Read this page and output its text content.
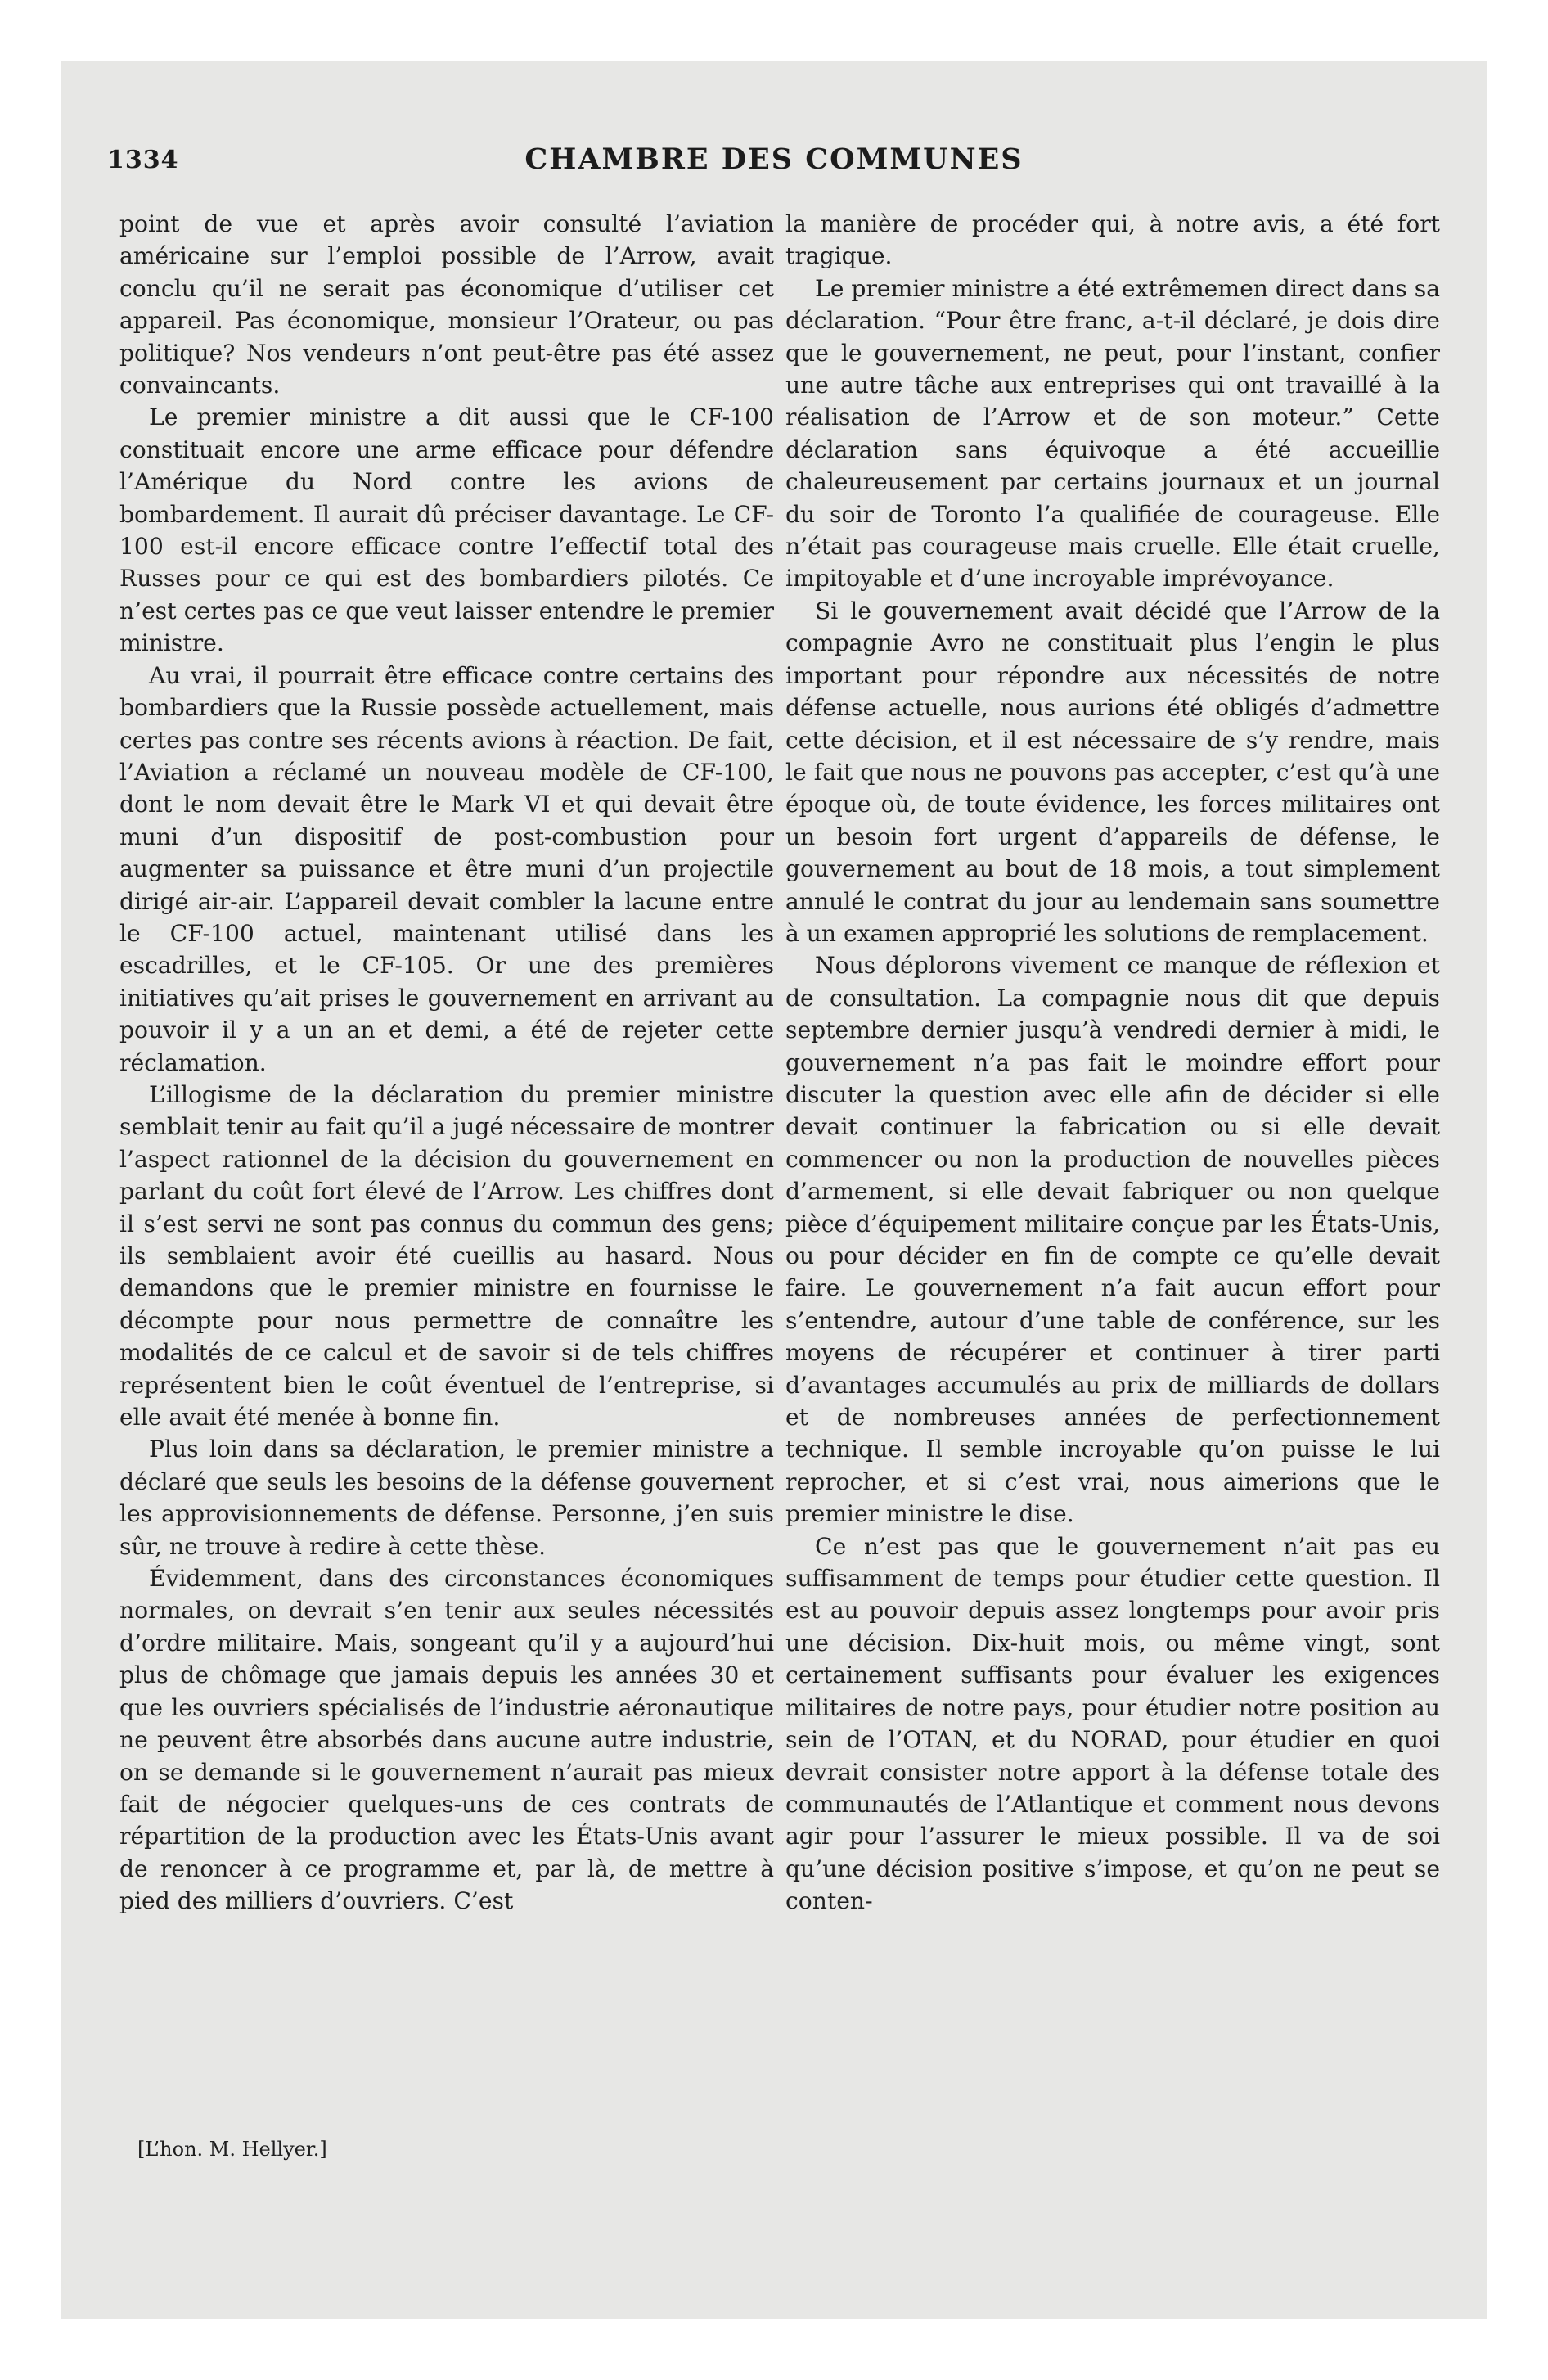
1334	CHAMBRE DES COMMUNES

point de vue et après avoir consulté l’aviation américaine sur l’emploi possible de l’Arrow, avait conclu qu’il ne serait pas économique d’utiliser cet appareil. Pas économique, monsieur l’Orateur, ou pas politique? Nos vendeurs n’ont peut-être pas été assez convaincants.

Le premier ministre a dit aussi que le CF-100 constituait encore une arme efficace pour défendre l’Amérique du Nord contre les avions de bombardement. Il aurait dû préciser davantage. Le CF-100 est-il encore efficace contre l’effectif total des Russes pour ce qui est des bombardiers pilotés. Ce n’est certes pas ce que veut laisser entendre le premier ministre.

Au vrai, il pourrait être efficace contre certains des bombardiers que la Russie possède actuellement, mais certes pas contre ses récents avions à réaction. De fait, l’Aviation a réclamé un nouveau modèle de CF-100, dont le nom devait être le Mark VI et qui devait être muni d’un dispositif de post-combustion pour augmenter sa puissance et être muni d’un projectile dirigé air-air. L’appareil devait combler la lacune entre le CF-100 actuel, maintenant utilisé dans les escadrilles, et le CF-105. Or une des premières initiatives qu’ait prises le gouvernement en arrivant au pouvoir il y a un an et demi, a été de rejeter cette réclamation.

L’illogisme de la déclaration du premier ministre semblait tenir au fait qu’il a jugé nécessaire de montrer l’aspect rationnel de la décision du gouvernement en parlant du coût fort élevé de l’Arrow. Les chiffres dont il s’est servi ne sont pas connus du commun des gens; ils semblaient avoir été cueillis au hasard. Nous demandons que le premier ministre en fournisse le décompte pour nous permettre de connaître les modalités de ce calcul et de savoir si de tels chiffres représentent bien le coût éventuel de l’entreprise, si elle avait été menée à bonne fin.

Plus loin dans sa déclaration, le premier ministre a déclaré que seuls les besoins de la défense gouvernent les approvisionnements de défense. Personne, j’en suis sûr, ne trouve à redire à cette thèse.

Évidemment, dans des circonstances économiques normales, on devrait s’en tenir aux seules nécessités d’ordre militaire. Mais, songeant qu’il y a aujourd’hui plus de chômage que jamais depuis les années 30 et que les ouvriers spécialisés de l’industrie aéronautique ne peuvent être absorbés dans aucune autre industrie, on se demande si le gouvernement n’aurait pas mieux fait de négocier quelques-uns de ces contrats de répartition de la production avec les États-Unis avant de renoncer à ce programme et, par là, de mettre à pied des milliers d’ouvriers. C’est

[L’hon. M. Hellyer.]

la manière de procéder qui, à notre avis, a été fort tragique.

Le premier ministre a été extrêmemen direct dans sa déclaration. “Pour être franc, a-t-il déclaré, je dois dire que le gouvernement, ne peut, pour l’instant, confier une autre tâche aux entreprises qui ont travaillé à la réalisation de l’Arrow et de son moteur.” Cette déclaration sans équivoque a été accueillie chaleureusement par certains journaux et un journal du soir de Toronto l’a qualifiée de courageuse. Elle n’était pas courageuse mais cruelle. Elle était cruelle, impitoyable et d’une incroyable imprévoyance.

Si le gouvernement avait décidé que l’Arrow de la compagnie Avro ne constituait plus l’engin le plus important pour répondre aux nécessités de notre défense actuelle, nous aurions été obligés d’admettre cette décision, et il est nécessaire de s’y rendre, mais le fait que nous ne pouvons pas accepter, c’est qu’à une époque où, de toute évidence, les forces militaires ont un besoin fort urgent d’appareils de défense, le gouvernement au bout de 18 mois, a tout simplement annulé le contrat du jour au lendemain sans soumettre à un examen approprié les solutions de remplacement.

Nous déplorons vivement ce manque de réflexion et de consultation. La compagnie nous dit que depuis septembre dernier jusqu’à vendredi dernier à midi, le gouvernement n’a pas fait le moindre effort pour discuter la question avec elle afin de décider si elle devait continuer la fabrication ou si elle devait commencer ou non la production de nouvelles pièces d’armement, si elle devait fabriquer ou non quelque pièce d’équipement militaire conçue par les États-Unis, ou pour décider en fin de compte ce qu’elle devait faire. Le gouvernement n’a fait aucun effort pour s’entendre, autour d’une table de conférence, sur les moyens de récupérer et continuer à tirer parti d’avantages accumulés au prix de milliards de dollars et de nombreuses années de perfectionnement technique. Il semble incroyable qu’on puisse le lui reprocher, et si c’est vrai, nous aimerions que le premier ministre le dise.

Ce n’est pas que le gouvernement n’ait pas eu suffisamment de temps pour étudier cette question. Il est au pouvoir depuis assez longtemps pour avoir pris une décision. Dix-huit mois, ou même vingt, sont certainement suffisants pour évaluer les exigences militaires de notre pays, pour étudier notre position au sein de l’OTAN, et du NORAD, pour étudier en quoi devrait consister notre apport à la défense totale des communautés de l’Atlantique et comment nous devons agir pour l’assurer le mieux possible. Il va de soi qu’une décision positive s’impose, et qu’on ne peut se conten-
